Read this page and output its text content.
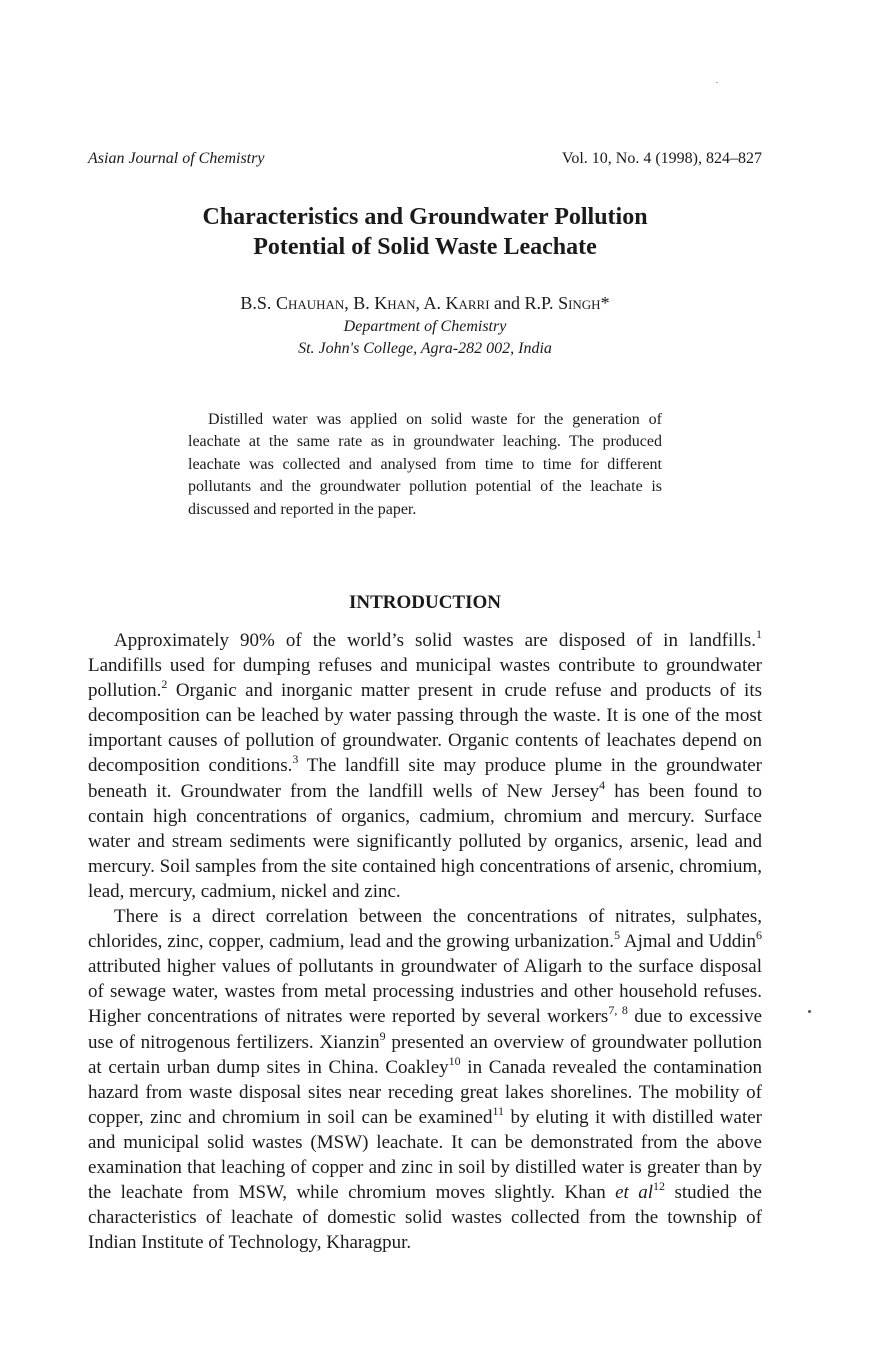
Asian Journal of Chemistry	Vol. 10, No. 4 (1998), 824–827
Characteristics and Groundwater Pollution
Potential of Solid Waste Leachate
B.S. Chauhan, B. Khan, A. Karri and R.P. Singh*
Department of Chemistry
St. John's College, Agra-282 002, India
Distilled water was applied on solid waste for the generation of leachate at the same rate as in groundwater leaching. The produced leachate was collected and analysed from time to time for different pollutants and the groundwater pollution potential of the leachate is discussed and reported in the paper.
INTRODUCTION

Approximately 90% of the world’s solid wastes are disposed of in landfills.$^1$ Landifills used for dumping refuses and municipal wastes contribute to groundwater pollution.$^2$ Organic and inorganic matter present in crude refuse and products of its decomposition can be leached by water passing through the waste. It is one of the most important causes of pollution of groundwater. Organic contents of leachates depend on decomposition conditions.$^3$ The landfill site may produce plume in the groundwater beneath it. Groundwater from the landfill wells of New Jersey$^4$ has been found to contain high concentrations of organics, cadmium, chromium and mercury. Surface water and stream sediments were significantly polluted by organics, arsenic, lead and mercury. Soil samples from the site contained high concentrations of arsenic, chromium, lead, mercury, cadmium, nickel and zinc.

There is a direct correlation between the concentrations of nitrates, sulphates, chlorides, zinc, copper, cadmium, lead and the growing urbanization.$^5$ Ajmal and Uddin$^6$ attributed higher values of pollutants in groundwater of Aligarh to the surface disposal of sewage water, wastes from metal processing industries and other household refuses. Higher concentrations of nitrates were reported by several workers$^{7, 8}$ due to excessive use of nitrogenous fertilizers. Xianzin$^9$ presented an overview of groundwater pollution at certain urban dump sites in China. Coakley$^{10}$ in Canada revealed the contamination hazard from waste disposal sites near receding great lakes shorelines. The mobility of copper, zinc and chromium in soil can be examined$^{11}$ by eluting it with distilled water and municipal solid wastes (MSW) leachate. It can be demonstrated from the above examination that leaching of copper and zinc in soil by distilled water is greater than by the leachate from MSW, while chromium moves slightly. Khan et $al^{12}$ studied the characteristics of leachate of domestic solid wastes collected from the township of Indian Institute of Technology, Kharagpur.
